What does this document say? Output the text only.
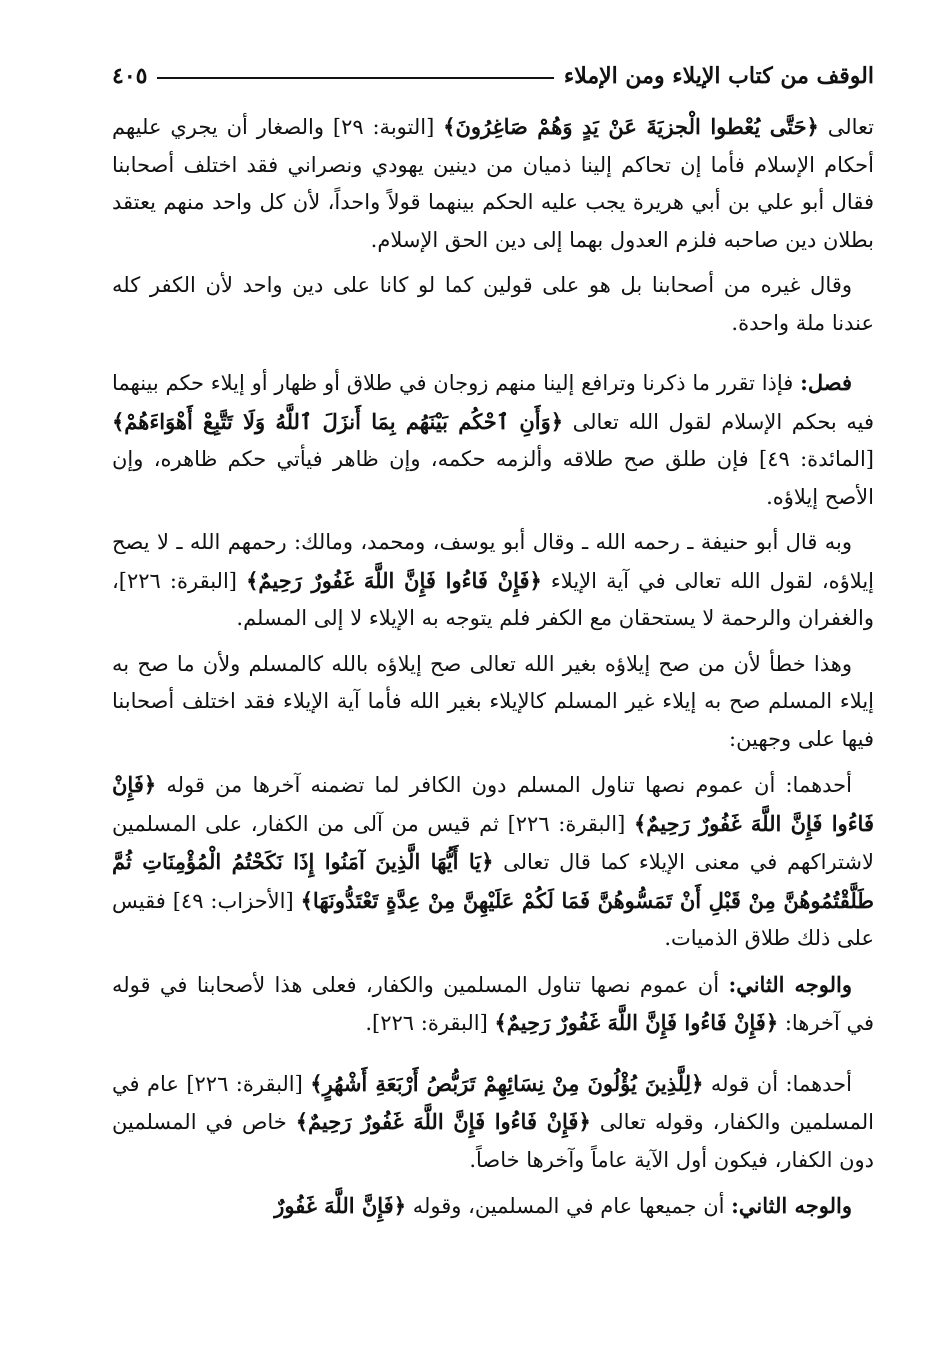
الوقف من كتاب الإيلاء ومن الإملاء
٤٠٥

تعالى ﴿حَتَّى يُعْطوا الْجزيَةَ عَنْ يَدٍ وَهُمْ صَاغِرُونَ﴾ [التوبة: ٢٩] والصغار أن يجري عليهم أحكام الإسلام فأما إن تحاكم إلينا ذميان من دينين يهودي ونصراني فقد اختلف أصحابنا فقال أبو علي بن أبي هريرة يجب عليه الحكم بينهما قولاً واحداً، لأن كل واحد منهم يعتقد بطلان دين صاحبه فلزم العدول بهما إلى دين الحق الإسلام.

وقال غيره من أصحابنا بل هو على قولين كما لو كانا على دين واحد لأن الكفر كله عندنا ملة واحدة.

فصل: فإذا تقرر ما ذكرنا وترافع إلينا منهم زوجان في طلاق أو ظهار أو إيلاء حكم بينهما فيه بحكم الإسلام لقول الله تعالى ﴿وَأَنِ ٱحْكُم بَيْنَهُم بِمَا أَنزَلَ ٱللَّهُ وَلَا تَتَّبِعْ أَهْوَاءَهُمْ﴾ [المائدة: ٤٩] فإن طلق صح طلاقه وألزمه حكمه، وإن ظاهر فيأتي حكم ظاهره، وإن الأصح إيلاؤه.

وبه قال أبو حنيفة ـ رحمه الله ـ وقال أبو يوسف، ومحمد، ومالك: رحمهم الله ـ لا يصح إيلاؤه، لقول الله تعالى في آية الإيلاء ﴿فَإِنْ فَاءُوا فَإِنَّ اللَّهَ غَفُورٌ رَحِيمٌ﴾ [البقرة: ٢٢٦]، والغفران والرحمة لا يستحقان مع الكفر فلم يتوجه به الإيلاء لا إلى المسلم.

وهذا خطأ لأن من صح إيلاؤه بغير الله تعالى صح إيلاؤه بالله كالمسلم ولأن ما صح به إيلاء المسلم صح به إيلاء غير المسلم كالإيلاء بغير الله فأما آية الإيلاء فقد اختلف أصحابنا فيها على وجهين:

أحدهما: أن عموم نصها تناول المسلم دون الكافر لما تضمنه آخرها من قوله ﴿فَإِنْ فَاءُوا فَإِنَّ اللَّهَ غَفُورٌ رَحِيمٌ﴾ [البقرة: ٢٢٦] ثم قيس من آلى من الكفار، على المسلمين لاشتراكهم في معنى الإيلاء كما قال تعالى ﴿يَا أَيُّهَا الَّذِينَ آمَنُوا إِذَا نَكَحْتُمُ الْمُؤْمِنَاتِ ثُمَّ طَلَّقْتُمُوهُنَّ مِنْ قَبْلِ أَنْ تَمَسُّوهُنَّ فَمَا لَكُمْ عَلَيْهِنَّ مِنْ عِدَّةٍ تَعْتَدُّونَهَا﴾ [الأحزاب: ٤٩] فقيس على ذلك طلاق الذميات.

والوجه الثاني: أن عموم نصها تناول المسلمين والكفار، فعلى هذا لأصحابنا في قوله في آخرها: ﴿فَإِنْ فَاءُوا فَإِنَّ اللَّهَ غَفُورٌ رَحِيمٌ﴾ [البقرة: ٢٢٦].

أحدهما: أن قوله ﴿لِلَّذِينَ يُؤْلُونَ مِنْ نِسَائِهِمْ تَرَبُّصُ أَرْبَعَةِ أَشْهُرٍ﴾ [البقرة: ٢٢٦] عام في المسلمين والكفار، وقوله تعالى ﴿فَإِنْ فَاءُوا فَإِنَّ اللَّهَ غَفُورٌ رَحِيمٌ﴾ خاص في المسلمين دون الكفار، فيكون أول الآية عاماً وآخرها خاصاً.

والوجه الثاني: أن جميعها عام في المسلمين، وقوله ﴿فَإِنَّ اللَّهَ غَفُورٌ
